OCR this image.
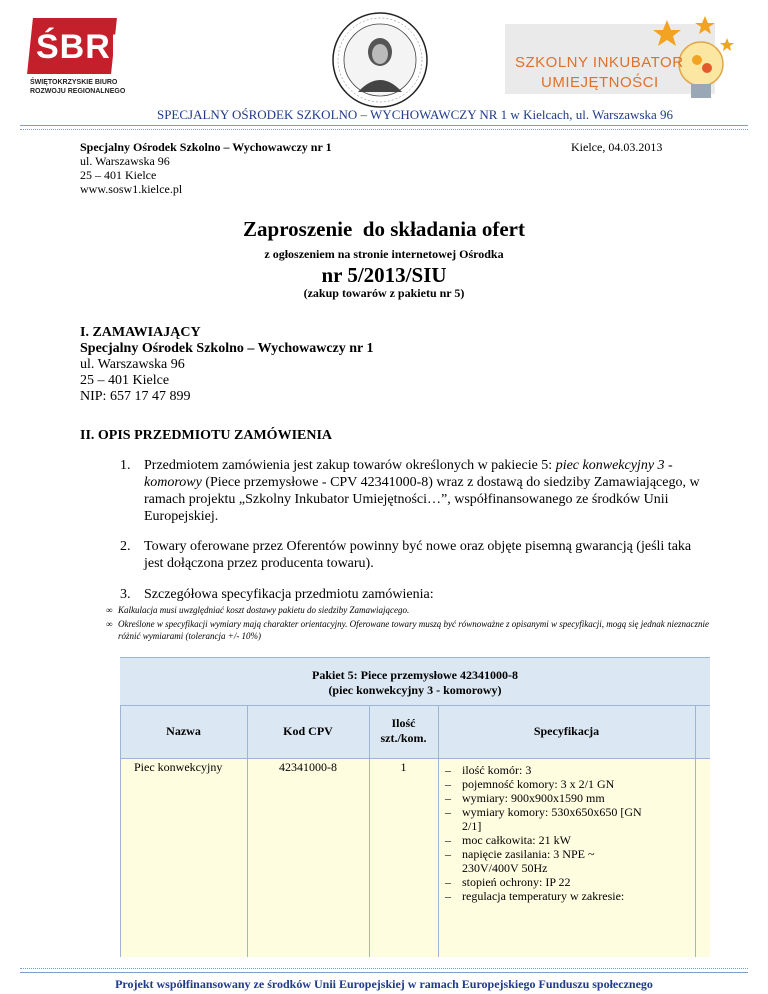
ŚBRR
ŚWIĘTOKRZYSKIE BIURO
ROZWOJU REGIONALNEGO
SZKOLNY INKUBATOR
UMIEJĘTNOŚCI
SPECJALNY OŚRODEK SZKOLNO – WYCHOWAWCZY NR 1 w Kielcach, ul. Warszawska 96
Specjalny Ośrodek Szkolno – Wychowawczy nr 1
ul. Warszawska 96
25 – 401 Kielce
www.sosw1.kielce.pl
Kielce, 04.03.2013
Zaproszenie  do składania ofert
z ogłoszeniem na stronie internetowej Ośrodka
nr 5/2013/SIU
(zakup towarów z pakietu nr 5)
I. ZAMAWIAJĄCY
Specjalny Ośrodek Szkolno – Wychowawczy nr 1
ul. Warszawska 96
25 – 401 Kielce
NIP: 657 17 47 899
II. OPIS PRZEDMIOTU ZAMÓWIENIA
1. Przedmiotem zamówienia jest zakup towarów określonych w pakiecie 5: piec konwekcyjny 3 - komorowy (Piece przemysłowe - CPV 42341000-8) wraz z dostawą do siedziby Zamawiającego, w ramach projektu „Szkolny Inkubator Umiejętności…”, współfinansowanego ze środków Unii Europejskiej.
2. Towary oferowane przez Oferentów powinny być nowe oraz objęte pisemną gwarancją (jeśli taka jest dołączona przez producenta towaru).
3. Szczegółowa specyfikacja przedmiotu zamówienia:
∞ Kalkulacja musi uwzględniać koszt dostawy pakietu do siedziby Zamawiającego.
∞ Określone w specyfikacji wymiary mają charakter orientacyjny. Oferowane towary muszą być równoważne z opisanymi w specyfikacji, mogą się jednak nieznacznie różnić wymiarami (tolerancja +/- 10%)
Pakiet 5: Piece przemysłowe 42341000-8
(piec konwekcyjny 3 - komorowy)
Nazwa	Kod CPV
Ilość
szt./kom.	Specyfikacja
Piec konwekcyjny	42341000-8	1
–	ilość komór: 3
– pojemność komory: 3 x 2/1 GN
– wymiary: 900x900x1590 mm
– wymiary komory: 530x650x650 [GN
2/1]
– moc całkowita: 21 kW
– napięcie zasilania: 3 NPE ~
230V/400V 50Hz
– stopień ochrony: IP 22
– regulacja temperatury w zakresie:
Projekt współfinansowany ze środków Unii Europejskiej w ramach Europejskiego Funduszu społecznego
